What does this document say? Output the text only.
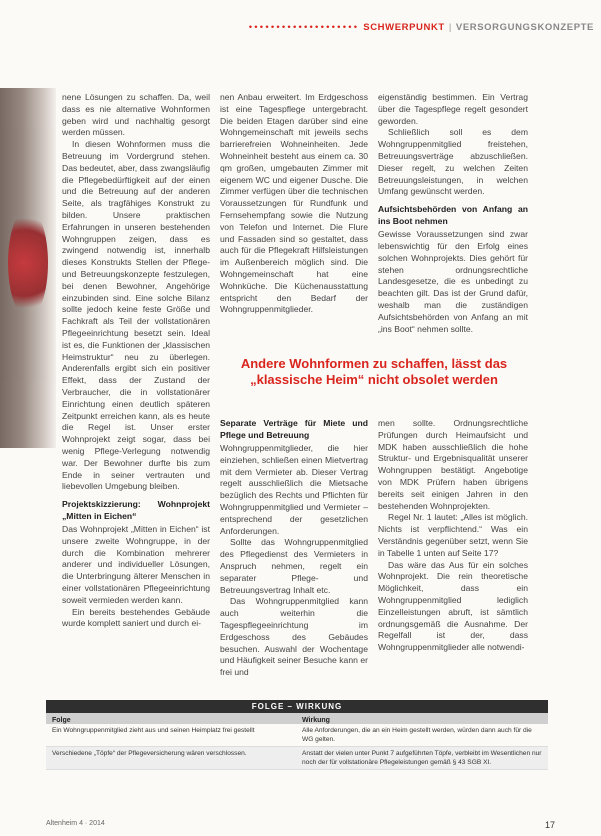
•••••••••••••••••••• SCHWERPUNKT | VERSORGUNGSKONZEPTE

nene Lösungen zu schaffen. Da, weil dass es nie alternative Wohnformen geben wird und nachhaltig gesorgt werden müssen.

In diesen Wohnformen muss die Betreuung im Vordergrund stehen. Das bedeutet, aber, dass zwangsläufig die Pflegebedürftigkeit auf der einen und die Betreuung auf der anderen Seite, als tragfähiges Konstrukt zu bilden. Unsere praktischen Erfahrungen in unseren bestehenden Wohngruppen zeigen, dass es zwingend notwendig ist, innerhalb dieses Konstrukts Stellen der Pflege- und Betreuungskonzepte festzulegen, bei denen Bewohner, Angehörige einzubinden sind. Eine solche Bilanz sollte jedoch keine feste Größe und Fachkraft als Teil der vollstationären Pflegeeinrichtung besetzt sein. Ideal ist es, die Funktionen der „klassischen Heimstruktur“ neu zu überlegen. Anderenfalls ergibt sich ein positiver Effekt, dass der Zustand der Verbraucher, die in vollstationärer Einrichtung einen deutlich späteren Zeitpunkt erreichen kann, als es heute die Regel ist. Unser erster Wohnprojekt zeigt sogar, dass bei wenig Pflege-Verlegung notwendig war. Der Bewohner durfte bis zum Ende in seiner vertrauten und liebevollen Umgebung bleiben.

Projektskizzierung: Wohnprojekt „Mitten in Eichen“

Das Wohnprojekt „Mitten in Eichen“ ist unsere zweite Wohngruppe, in der durch die Kombination mehrerer anderer und individueller Lösungen, die Unterbringung älterer Menschen in einer vollstationären Pflegeeinrichtung soweit vermieden werden kann.

Ein bereits bestehendes Gebäude wurde komplett saniert und durch ei-

nen Anbau erweitert. Im Erdgeschoss ist eine Tagespflege untergebracht. Die beiden Etagen darüber sind eine Wohngemeinschaft mit jeweils sechs barrierefreien Wohneinheiten. Jede Wohneinheit besteht aus einem ca. 30 qm großen, umgebauten Zimmer mit eigenem WC und eigener Dusche. Die Zimmer verfügen über die technischen Voraussetzungen für Rundfunk und Fernsehempfang sowie die Nutzung von Telefon und Internet. Die Flure und Fassaden sind so gestaltet, dass auch für die Pflegekraft Hilfsleistungen im Außenbereich möglich sind. Die Wohngemeinschaft hat eine Wohnküche. Die Küchenausstattung entspricht den Bedarf der Wohngruppenmitglieder.

eigenständig bestimmen. Ein Vertrag über die Tagespflege regelt gesondert geworden.

Schließlich soll es dem Wohngruppenmitglied freistehen, Betreuungsverträge abzuschließen. Dieser regelt, zu welchen Zeiten Betreuungsleistungen, in welchen Umfang gewünscht werden.

Aufsichtsbehörden von Anfang an ins Boot nehmen

Gewisse Voraussetzungen sind zwar lebenswichtig für den Erfolg eines solchen Wohnprojekts. Dies gehört für stehen ordnungsrechtliche Landesgesetze, die es unbedingt zu beachten gilt. Das ist der Grund dafür, weshalb man die zuständigen Aufsichtsbehörden von Anfang an mit „ins Boot“ nehmen sollte.

Andere Wohnformen zu schaffen, lässt das „klassische Heim“ nicht obsolet werden
Separate Verträge für Miete und Pflege und Betreuung

Wohngruppenmitglieder, die hier einziehen, schließen einen Mietvertrag mit dem Vermieter ab. Dieser Vertrag regelt ausschließlich die Mietsache bezüglich des Rechts und Pflichten für Wohngruppenmitglied und Vermieter – entsprechend der gesetzlichen Anforderungen.

Sollte das Wohngruppenmitglied des Pflegedienst des Vermieters in Anspruch nehmen, regelt ein separater Pflege- und Betreuungsvertrag Inhalt etc.

Das Wohngruppenmitglied kann auch weiterhin die Tagespflegeeinrichtung im Erdgeschoss des Gebäudes besuchen. Auswahl der Wochentage und Häufigkeit seiner Besuche kann er frei und

men sollte. Ordnungsrechtliche Prüfungen durch Heimaufsicht und MDK haben ausschließlich die hohe Struktur- und Ergebnisqualität unserer Wohngruppen bestätigt. Angebotige von MDK Prüfern haben übrigens bereits seit einigen Jahren in den bestehenden Wohnprojekten.

Regel Nr. 1 lautet: „Alles ist möglich. Nichts ist verpflichtend.“ Was ein Verständnis gegenüber setzt, wenn Sie in Tabelle 1 unten auf Seite 17?

Das wäre das Aus für ein solches Wohnprojekt. Die rein theoretische Möglichkeit, dass ein Wohngruppenmitglied lediglich Einzelleistungen abruft, ist sämtlich ordnungsgemäß die Ausnahme. Der Regelfall ist der, dass Wohngruppenmitglieder alle notwendi-

FOLGE – WIRKUNG
Folge	Wirkung
Ein Wohngruppenmitglied zieht aus und seinen Heimplatz frei gestellt	Alle Anforderungen, die an ein Heim gestellt werden, würden dann auch für die WG gelten.
Verschiedene „Töpfe“ der Pflegeversicherung wären verschlossen.	Anstatt der vielen unter Punkt 7 aufgeführten Töpfe, verbleibt im Wesentlichen nur noch der für vollstationäre Pflegeleistungen gemäß § 43 SGB XI.
Altenheim 4 · 2014	17
